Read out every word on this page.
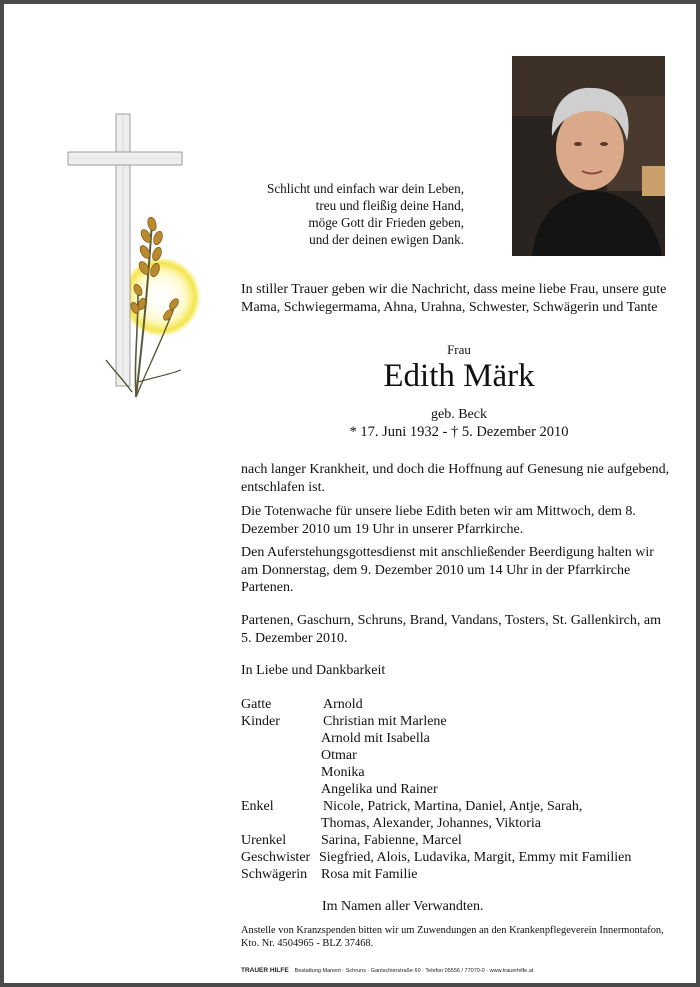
Schlicht und einfach war dein Leben,
treu und fleißig deine Hand,
möge Gott dir Frieden geben,
und der deinen ewigen Dank.
In stiller Trauer geben wir die Nachricht, dass meine liebe Frau, unsere gute Mama, Schwiegermama, Ahna, Urahna, Schwester, Schwägerin und Tante
Frau
Edith Märk
geb. Beck
* 17. Juni 1932 - † 5. Dezember 2010
nach langer Krankheit, und doch die Hoffnung auf Genesung nie aufgebend, entschlafen ist.
Die Totenwache für unsere liebe Edith beten wir am Mittwoch, dem 8. Dezember 2010 um 19 Uhr in unserer Pfarrkirche.
Den Auferstehungsgottesdienst mit anschließender Beerdigung halten wir am Donnerstag, dem 9. Dezember 2010 um 14 Uhr in der Pfarrkirche Partenen.
Partenen, Gaschurn, Schruns, Brand, Vandans, Tosters, St. Gallenkirch, am 5. Dezember 2010.
In Liebe und Dankbarkeit
Gatte	Arnold
Kinder	Christian mit Marlene
Arnold mit Isabella
Otmar
Monika
Angelika und Rainer
Enkel	Nicole, Patrick, Martina, Daniel, Antje, Sarah,
Thomas, Alexander, Johannes, Viktoria
Urenkel Sarina, Fabienne, Marcel
Geschwister Siegfried, Alois, Ludavika, Margit, Emmy mit Familien
Schwägerin Rosa mit Familie
Im Namen aller Verwandten.
Anstelle von Kranzspenden bitten wir um Zuwendungen an den Krankenpflegeverein Innermontafon, Kto. Nr. 4504965 - BLZ 37468.
TRAUER HILFE Bestattung Manent · Schruns · Gantschierstraße 60 · Telefon 05556 / 77070-0 · www.trauerhilfe.at
